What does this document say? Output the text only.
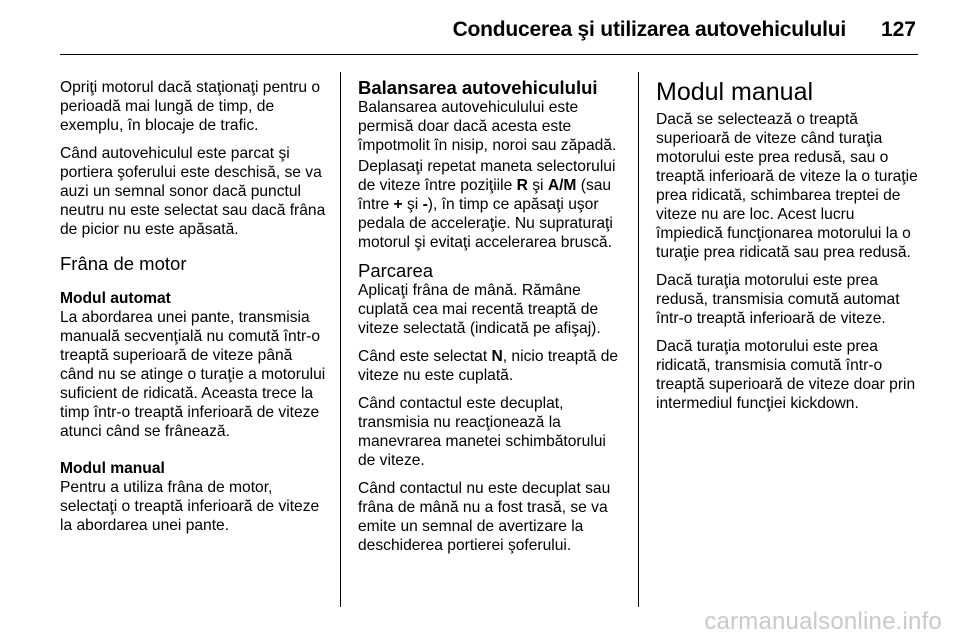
Conducerea şi utilizarea autovehiculului 127

Opriţi motorul dacă staţionaţi pentru o perioadă mai lungă de timp, de exemplu, în blocaje de trafic.

Când autovehiculul este parcat şi portiera şoferului este deschisă, se va auzi un semnal sonor dacă punctul neutru nu este selectat sau dacă frâna de picior nu este apăsată.

Frâna de motor
Modul automat

La abordarea unei pante, transmisia manuală secvenţială nu comută într-o treaptă superioară de viteze până când nu se atinge o turaţie a motorului suficient de ridicată. Aceasta trece la timp într-o treaptă inferioară de viteze atunci când se frânează.

Modul manual

Pentru a utiliza frâna de motor, selectaţi o treaptă inferioară de viteze la abordarea unei pante.

Balansarea autovehiculului

Balansarea autovehiculului este permisă doar dacă acesta este împotmolit în nisip, noroi sau zăpadă.

Deplasaţi repetat maneta selectorului de viteze între poziţiile R şi A/M (sau între + şi -), în timp ce apăsaţi uşor pedala de acceleraţie. Nu supraturaţi motorul şi evitaţi accelerarea bruscă.

Parcarea

Aplicaţi frâna de mână. Rămâne cuplată cea mai recentă treaptă de viteze selectată (indicată pe afişaj).

Când este selectat N, nicio treaptă de viteze nu este cuplată.

Când contactul este decuplat, transmisia nu reacţionează la manevrarea manetei schimbătorului de viteze.

Când contactul nu este decuplat sau frâna de mână nu a fost trasă, se va emite un semnal de avertizare la deschiderea portierei şoferului.

Modul manual

Dacă se selectează o treaptă superioară de viteze când turaţia motorului este prea redusă, sau o treaptă inferioară de viteze la o turaţie prea ridicată, schimbarea treptei de viteze nu are loc. Acest lucru împiedică funcţionarea motorului la o turaţie prea ridicată sau prea redusă.

Dacă turaţia motorului este prea redusă, transmisia comută automat într-o treaptă inferioară de viteze.

Dacă turaţia motorului este prea ridicată, transmisia comută într-o treaptă superioară de viteze doar prin intermediul funcţiei kickdown.

carmanualsonline.info
